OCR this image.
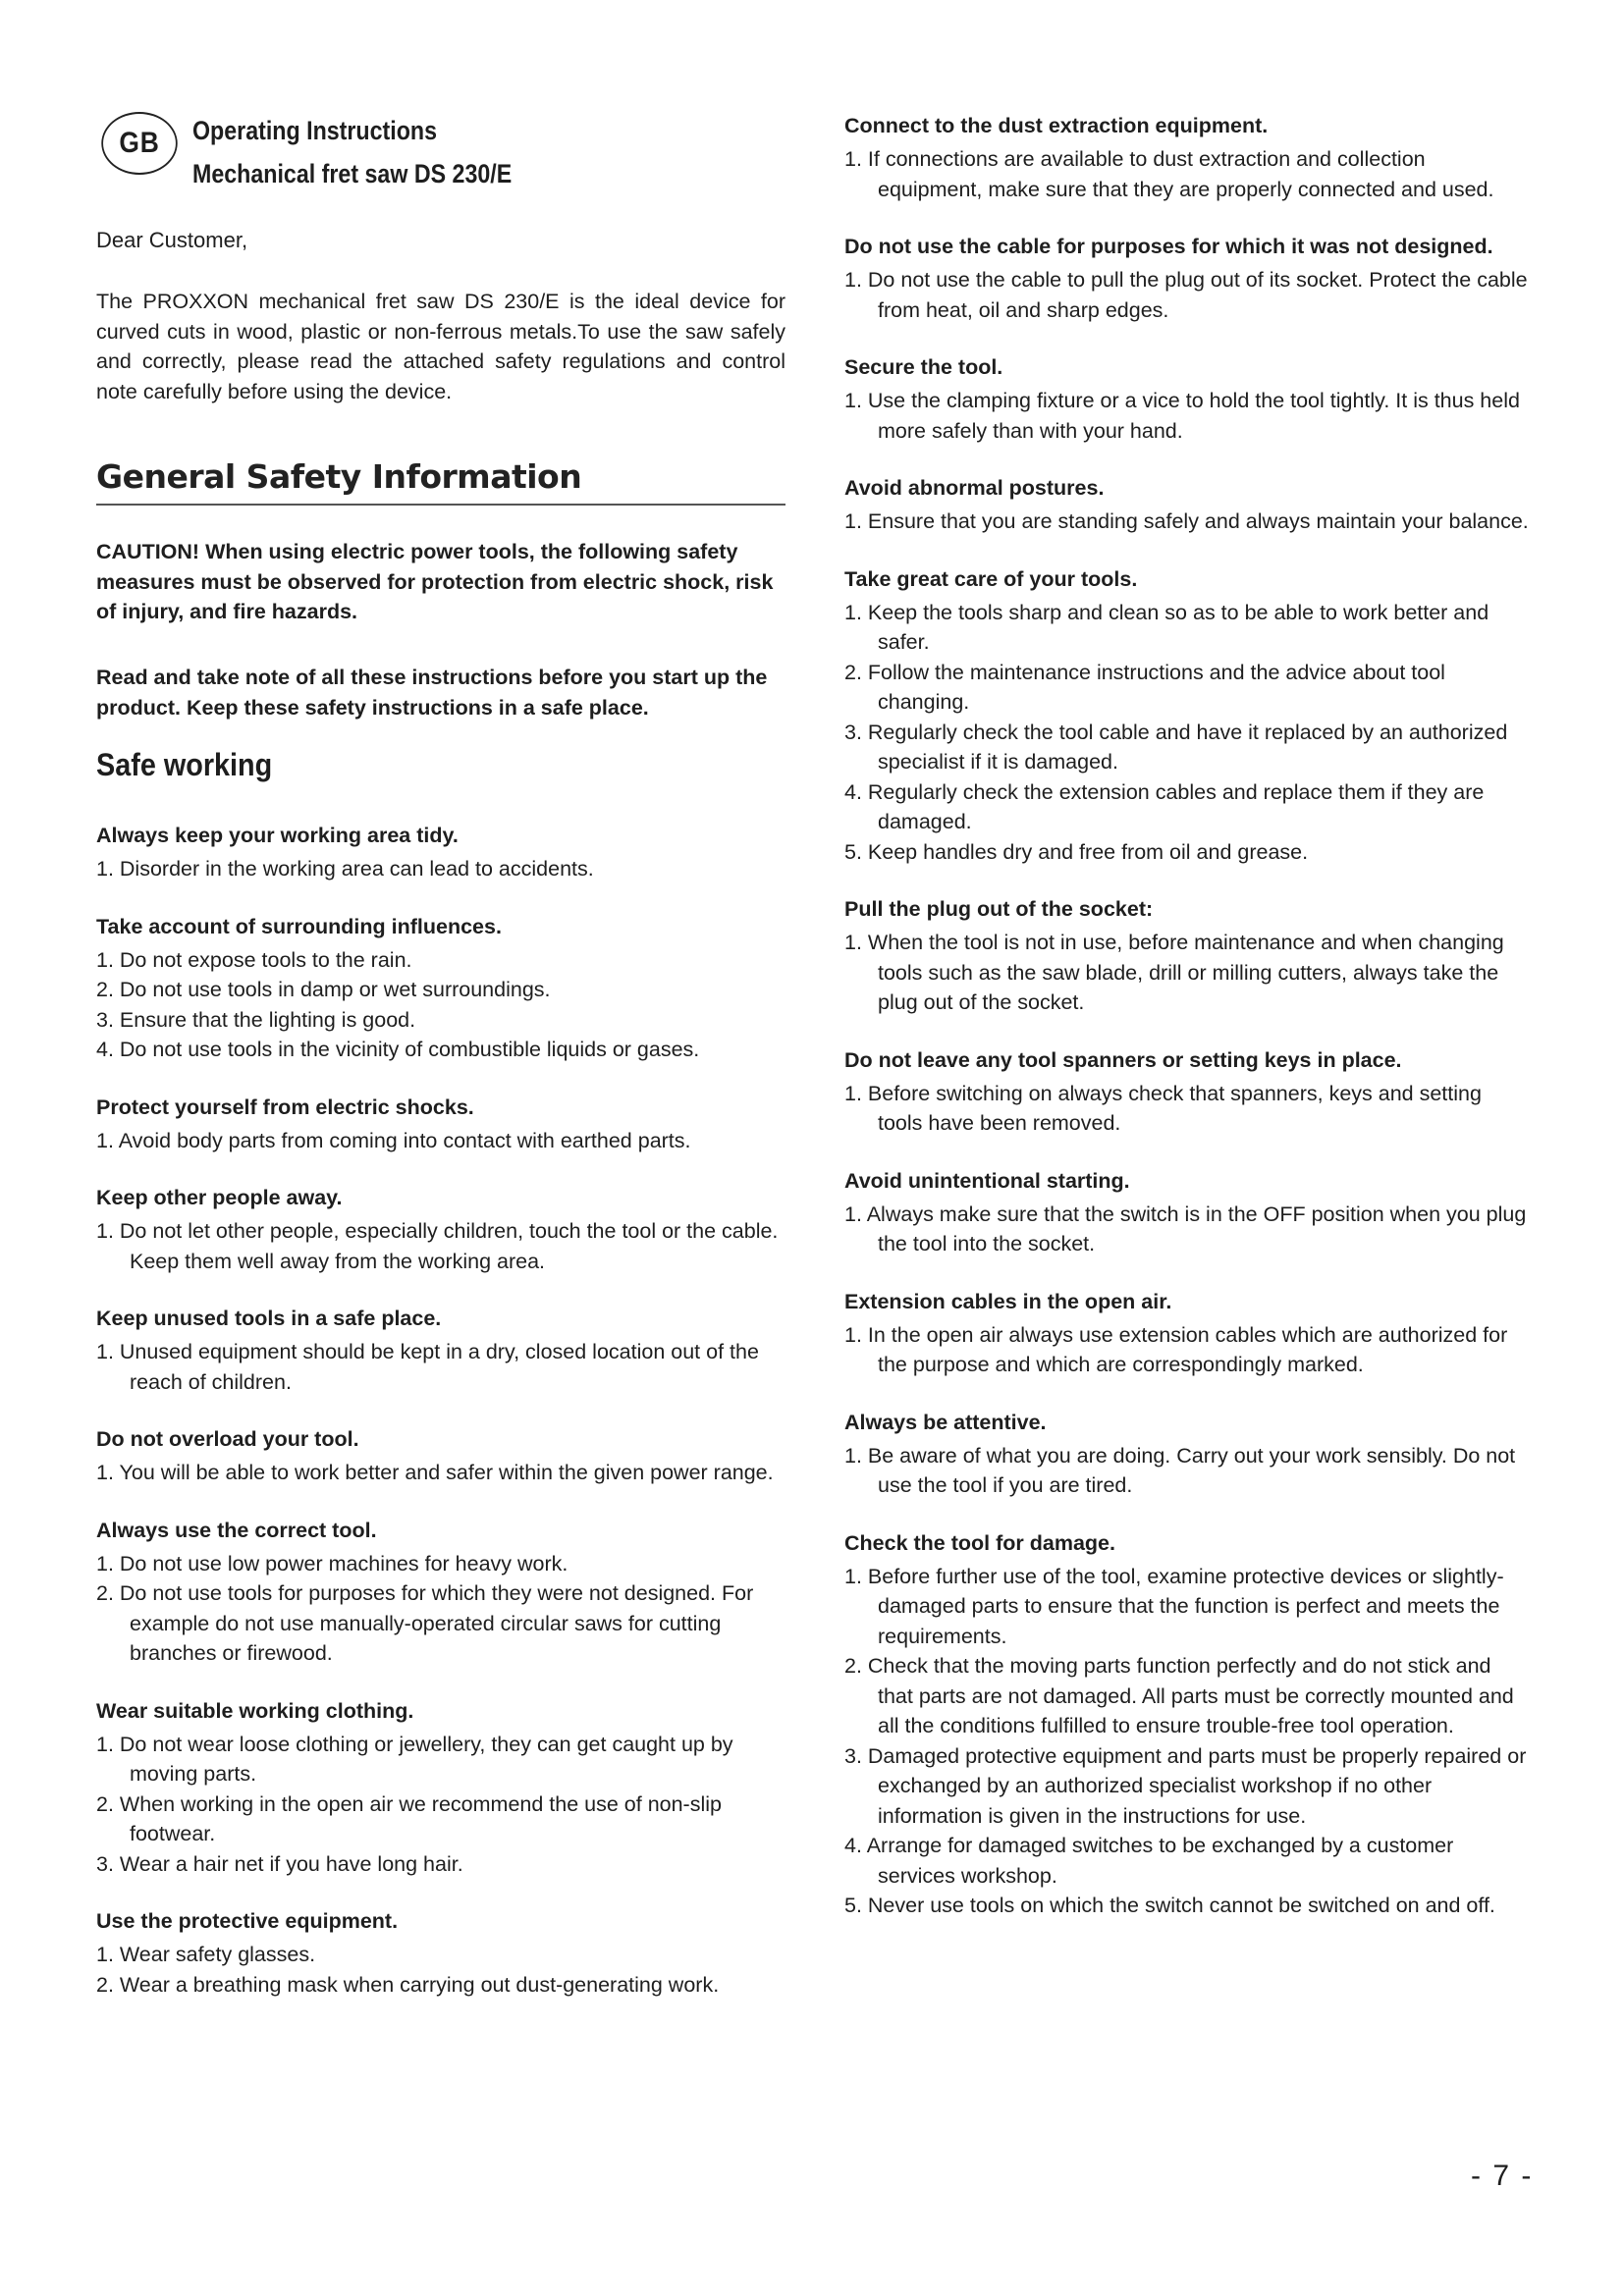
GB	Operating Instructions
Mechanical fret saw DS 230/E
Dear Customer,
The PROXXON mechanical fret saw DS 230/E is the ideal device for curved cuts in wood, plastic or non-ferrous metals.To use the saw safely and correctly, please read the attached safety regulations and control note carefully before using the device.
General Safety Information
CAUTION! When using electric power tools, the following safety measures must be observed for protection from electric shock, risk of injury, and fire hazards.
Read and take note of all these instructions before you start up the product. Keep these safety instructions in a safe place.
Safe working
Always keep your working area tidy.
1. Disorder in the working area can lead to accidents.
Take account of surrounding influences.
1. Do not expose tools to the rain.
2. Do not use tools in damp or wet surroundings.
3. Ensure that the lighting is good.
4. Do not use tools in the vicinity of combustible liquids or gases.
Protect yourself from electric shocks.
1. Avoid body parts from coming into contact with earthed parts.
Keep other people away.
1. Do not let other people, especially children, touch the tool or the cable. Keep them well away from the working area.
Keep unused tools in a safe place.
1. Unused equipment should be kept in a dry, closed location out of the reach of children.
Do not overload your tool.
1. You will be able to work better and safer within the given power range.
Always use the correct tool.
1. Do not use low power machines for heavy work.
2. Do not use tools for purposes for which they were not designed. For example do not use manually-operated circular saws for cutting branches or firewood.
Wear suitable working clothing.
1. Do not wear loose clothing or jewellery, they can get caught up by moving parts.
2. When working in the open air we recommend the use of non-slip footwear.
3. Wear a hair net if you have long hair.
Use the protective equipment.
1. Wear safety glasses.
2. Wear a breathing mask when carrying out dust-generating work.
Connect to the dust extraction equipment.
1. If connections are available to dust extraction and collection equipment, make sure that they are properly connected and used.
Do not use the cable for purposes for which it was not designed.
1. Do not use the cable to pull the plug out of its socket. Protect the cable from heat, oil and sharp edges.
Secure the tool.
1. Use the clamping fixture or a vice to hold the tool tightly. It is thus held more safely than with your hand.
Avoid abnormal postures.
1. Ensure that you are standing safely and always maintain your balance.
Take great care of your tools.
1. Keep the tools sharp and clean so as to be able to work better and safer.
2. Follow the maintenance instructions and the advice about tool changing.
3. Regularly check the tool cable and have it replaced by an authorized specialist if it is damaged.
4. Regularly check the extension cables and replace them if they are damaged.
5. Keep handles dry and free from oil and grease.
Pull the plug out of the socket:
1. When the tool is not in use, before maintenance and when changing tools such as the saw blade, drill or milling cutters, always take the plug out of the socket.
Do not leave any tool spanners or setting keys in place.
1. Before switching on always check that spanners, keys and setting tools have been removed.
Avoid unintentional starting.
1. Always make sure that the switch is in the OFF position when you plug the tool into the socket.
Extension cables in the open air.
1. In the open air always use extension cables which are authorized for the purpose and which are correspondingly marked.
Always be attentive.
1. Be aware of what you are doing. Carry out your work sensibly. Do not use the tool if you are tired.
Check the tool for damage.
1. Before further use of the tool, examine protective devices or slightly-damaged parts to ensure that the function is perfect and meets the requirements.
2. Check that the moving parts function perfectly and do not stick and that parts are not damaged. All parts must be correctly mounted and all the conditions fulfilled to ensure trouble-free tool operation.
3. Damaged protective equipment and parts must be properly repaired or exchanged by an authorized specialist workshop if no other information is given in the instructions for use.
4. Arrange for damaged switches to be exchanged by a customer services workshop.
5. Never use tools on which the switch cannot be switched on and off.
- 7 -
